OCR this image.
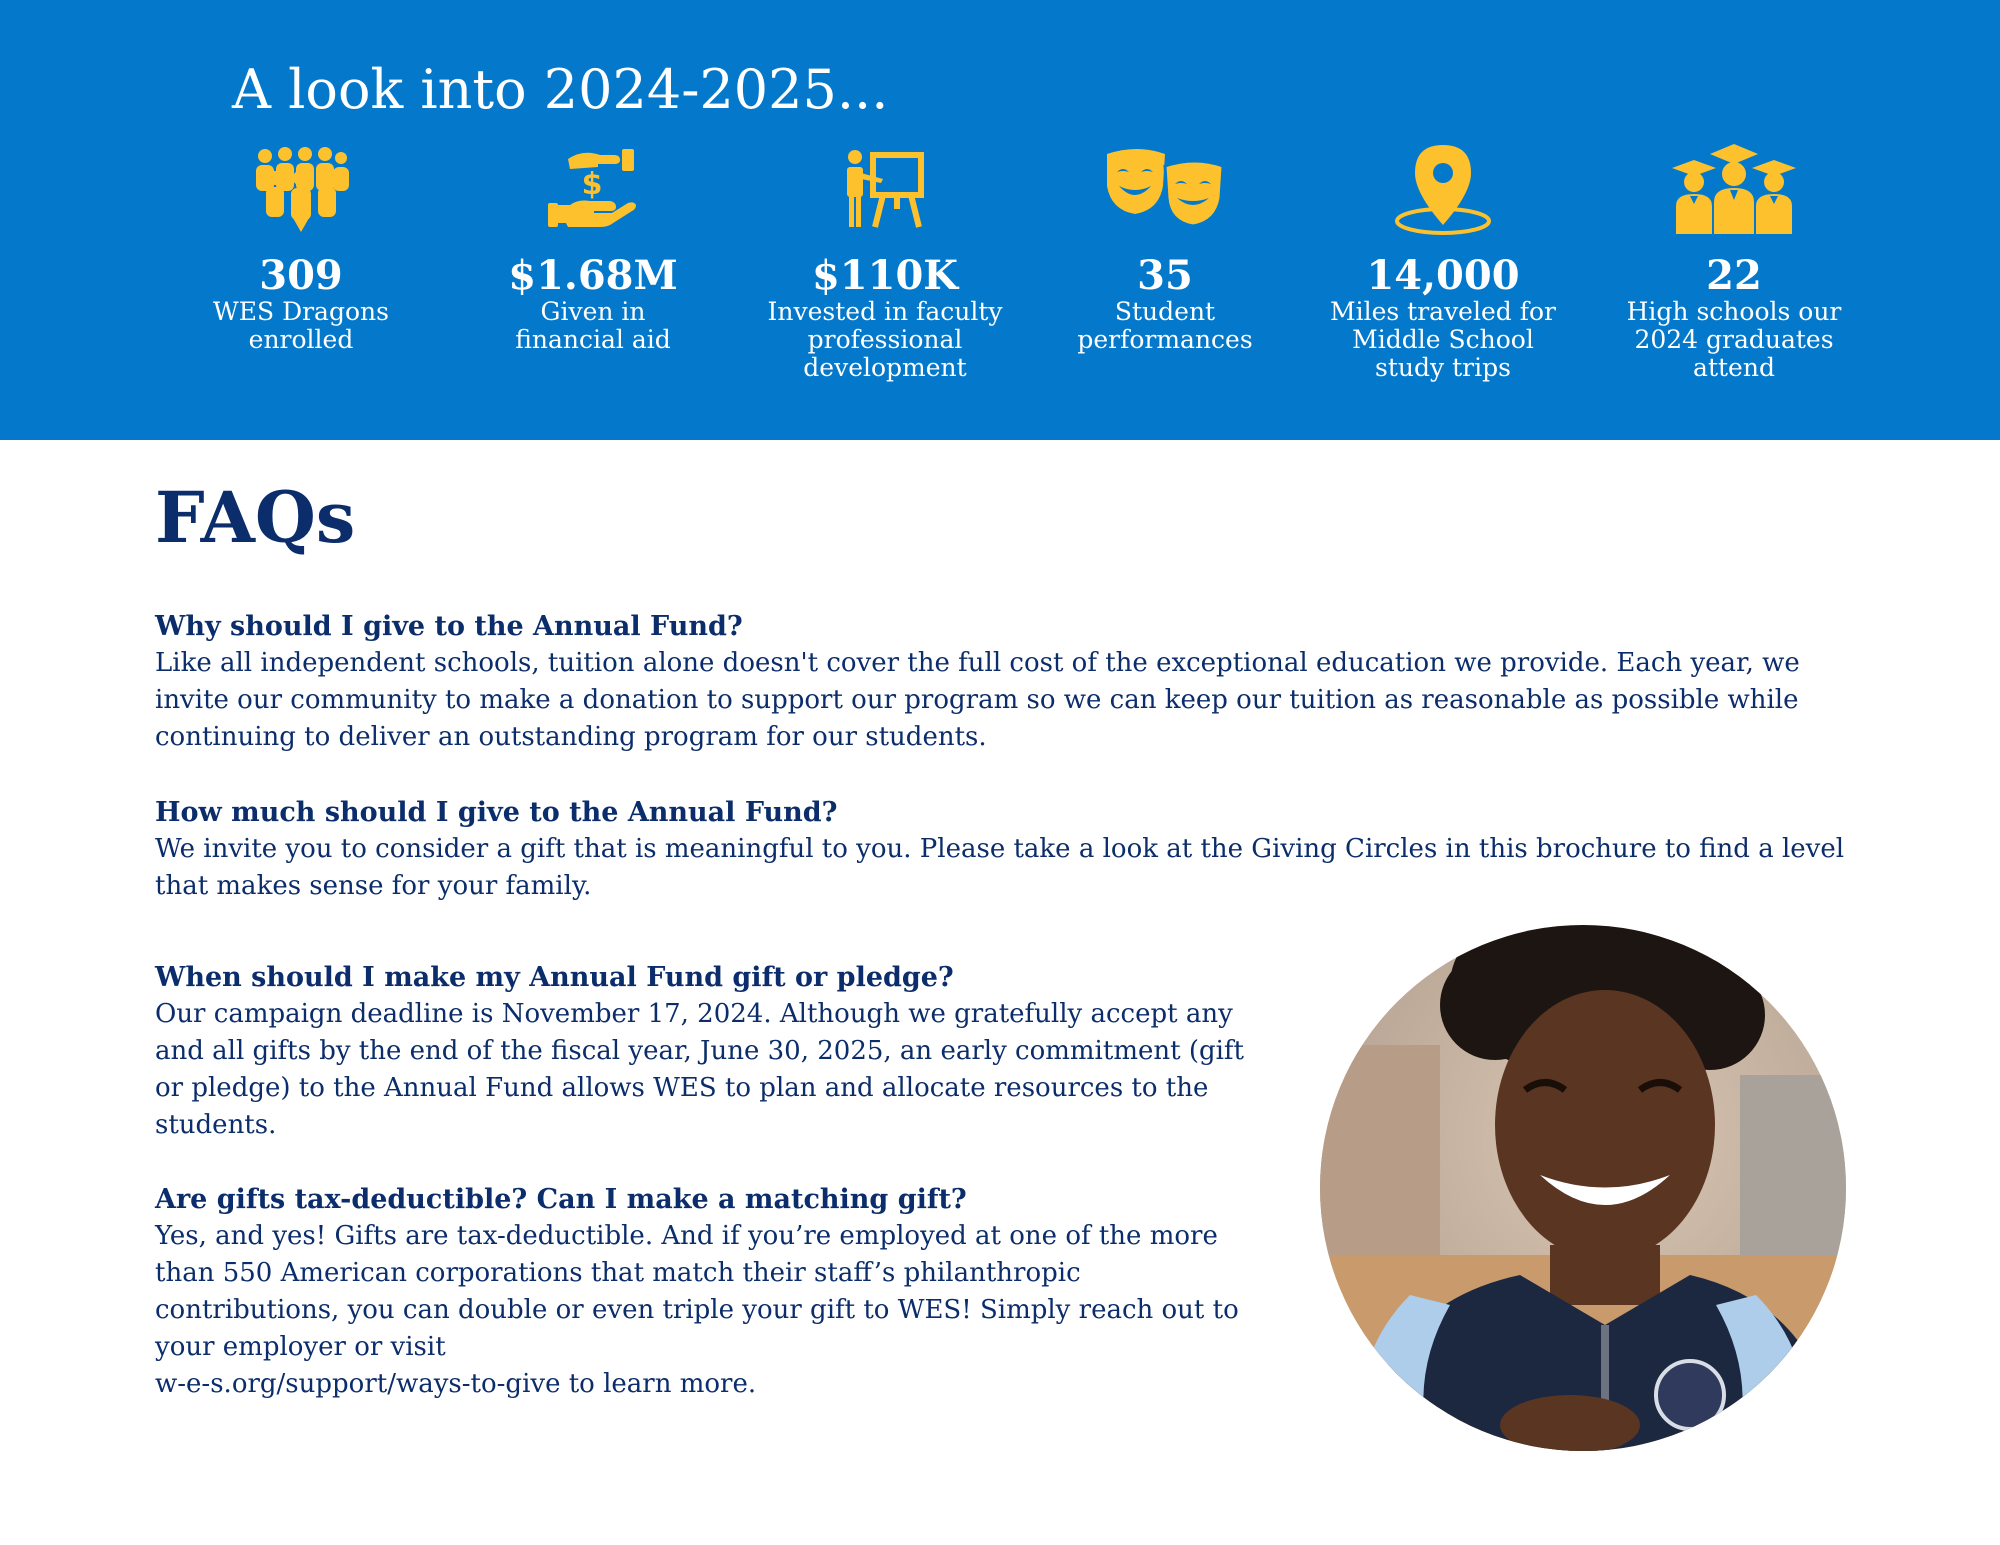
A look into 2024-2025...
309
WES Dragons
enrolled
$
$1.68M
Given in
financial aid
$110K
Invested in faculty
professional
development
35
Student
performances
14,000
Miles traveled for
Middle School
study trips
22
High schools our
2024 graduates
attend
FAQs
Why should I give to the Annual Fund?
Like all independent schools, tuition alone doesn't cover the full cost of the exceptional education we provide. Each year, we
invite our community to make a donation to support our program so we can keep our tuition as reasonable as possible while
continuing to deliver an outstanding program for our students.
How much should I give to the Annual Fund?
We invite you to consider a gift that is meaningful to you. Please take a look at the Giving Circles in this brochure to find a level
that makes sense for your family.
When should I make my Annual Fund gift or pledge?
Our campaign deadline is November 17, 2024. Although we gratefully accept any
and all gifts by the end of the fiscal year, June 30, 2025, an early commitment (gift
or pledge) to the Annual Fund allows WES to plan and allocate resources to the
students.
Are gifts tax-deductible? Can I make a matching gift?
Yes, and yes! Gifts are tax-deductible. And if you’re employed at one of the more
than 550 American corporations that match their staff’s philanthropic
contributions, you can double or even triple your gift to WES! Simply reach out to
your employer or visit
w-e-s.org/support/ways-to-give to learn more.
